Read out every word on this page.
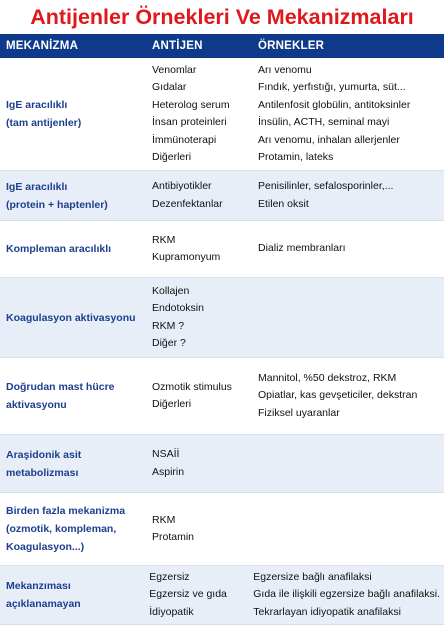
Antijenler Örnekleri Ve Mekanizmaları
MEKANİZMA	ANTİJEN	ÖRNEKLER
IgE aracılıklı
(tam antijenler)
Venomlar
Gıdalar
Heterolog serum
İnsan proteinleri
İmmünoterapi
Diğerleri
Arı venomu
Fındık, yerfıstığı, yumurta, süt...
Antilenfosit globülin, antitoksinler
İnsülin, ACTH, seminal mayi
Arı venomu, inhalan allerjenler
Protamin, lateks
IgE aracılıklı
(protein + haptenler)
Antibiyotikler
Dezenfektanlar
Penisilinler, sefalosporinler,...
Etilen oksit
Kompleman aracılıklı
RKM
Kupramonyum
Dializ membranları
Koagulasyon aktivasyonu
Kollajen
Endotoksin
RKM ?
Diğer ?
Doğrudan mast hücre
aktivasyonu
Ozmotik stimulus
Diğerleri
Mannitol, %50 dekstroz, RKM
Opiatlar, kas gevşeticiler, dekstran
Fiziksel uyaranlar
Araşidonik asit
metabolizması
NSAİİ
Aspirin
Birden fazla mekanizma
(ozmotik, kompleman,
Koagulasyon...)
RKM
Protamin
Mekanzıması
açıklanamayan
Egzersiz
Egzersiz ve gıda
İdiyopatik
Egzersize bağlı anafilaksi
Gıda ile ilişkili egzersize bağlı anafilaksi.
Tekrarlayan idiyopatik anafilaksi
